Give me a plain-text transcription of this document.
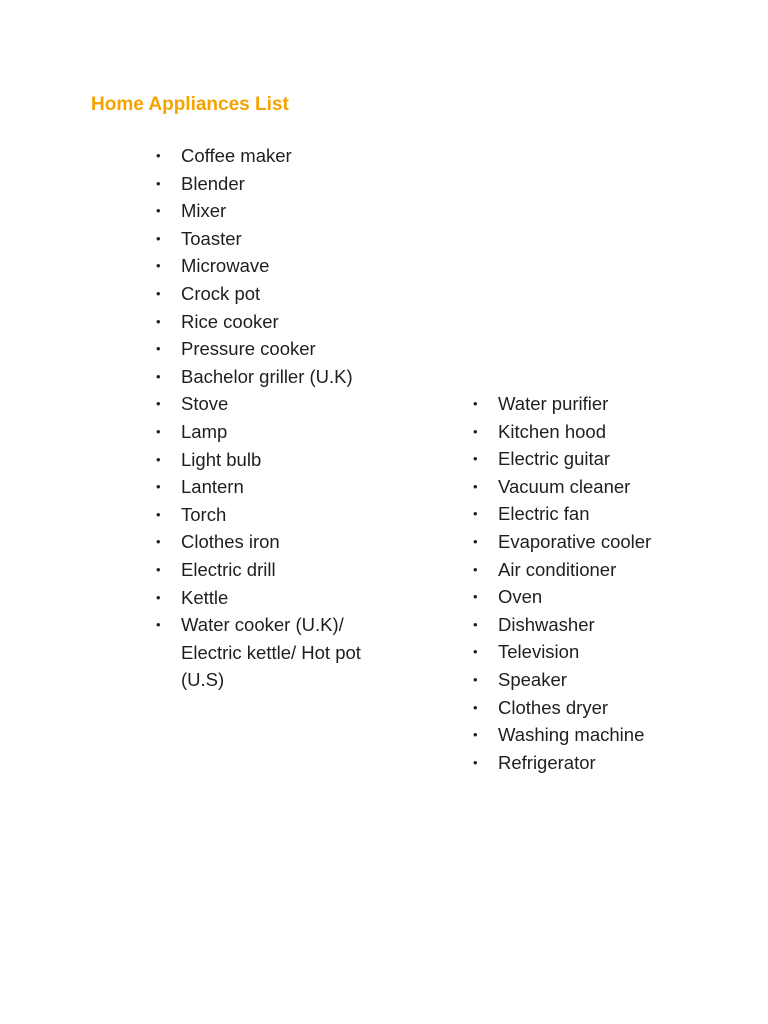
Home Appliances List
• Coffee maker
• Blender
• Mixer
• Toaster
• Microwave
• Crock pot
• Rice cooker
• Pressure cooker
• Bachelor griller (U.K)
• Stove
• Lamp
• Light bulb
• Lantern
• Torch
• Clothes iron
• Electric drill
• Kettle
• Water cooker (U.K)/ Electric kettle/ Hot pot (U.S)
• Water purifier
• Kitchen hood
• Electric guitar
• Vacuum cleaner
• Electric fan
• Evaporative cooler
• Air conditioner
• Oven
• Dishwasher
• Television
• Speaker
• Clothes dryer
• Washing machine
• Refrigerator
